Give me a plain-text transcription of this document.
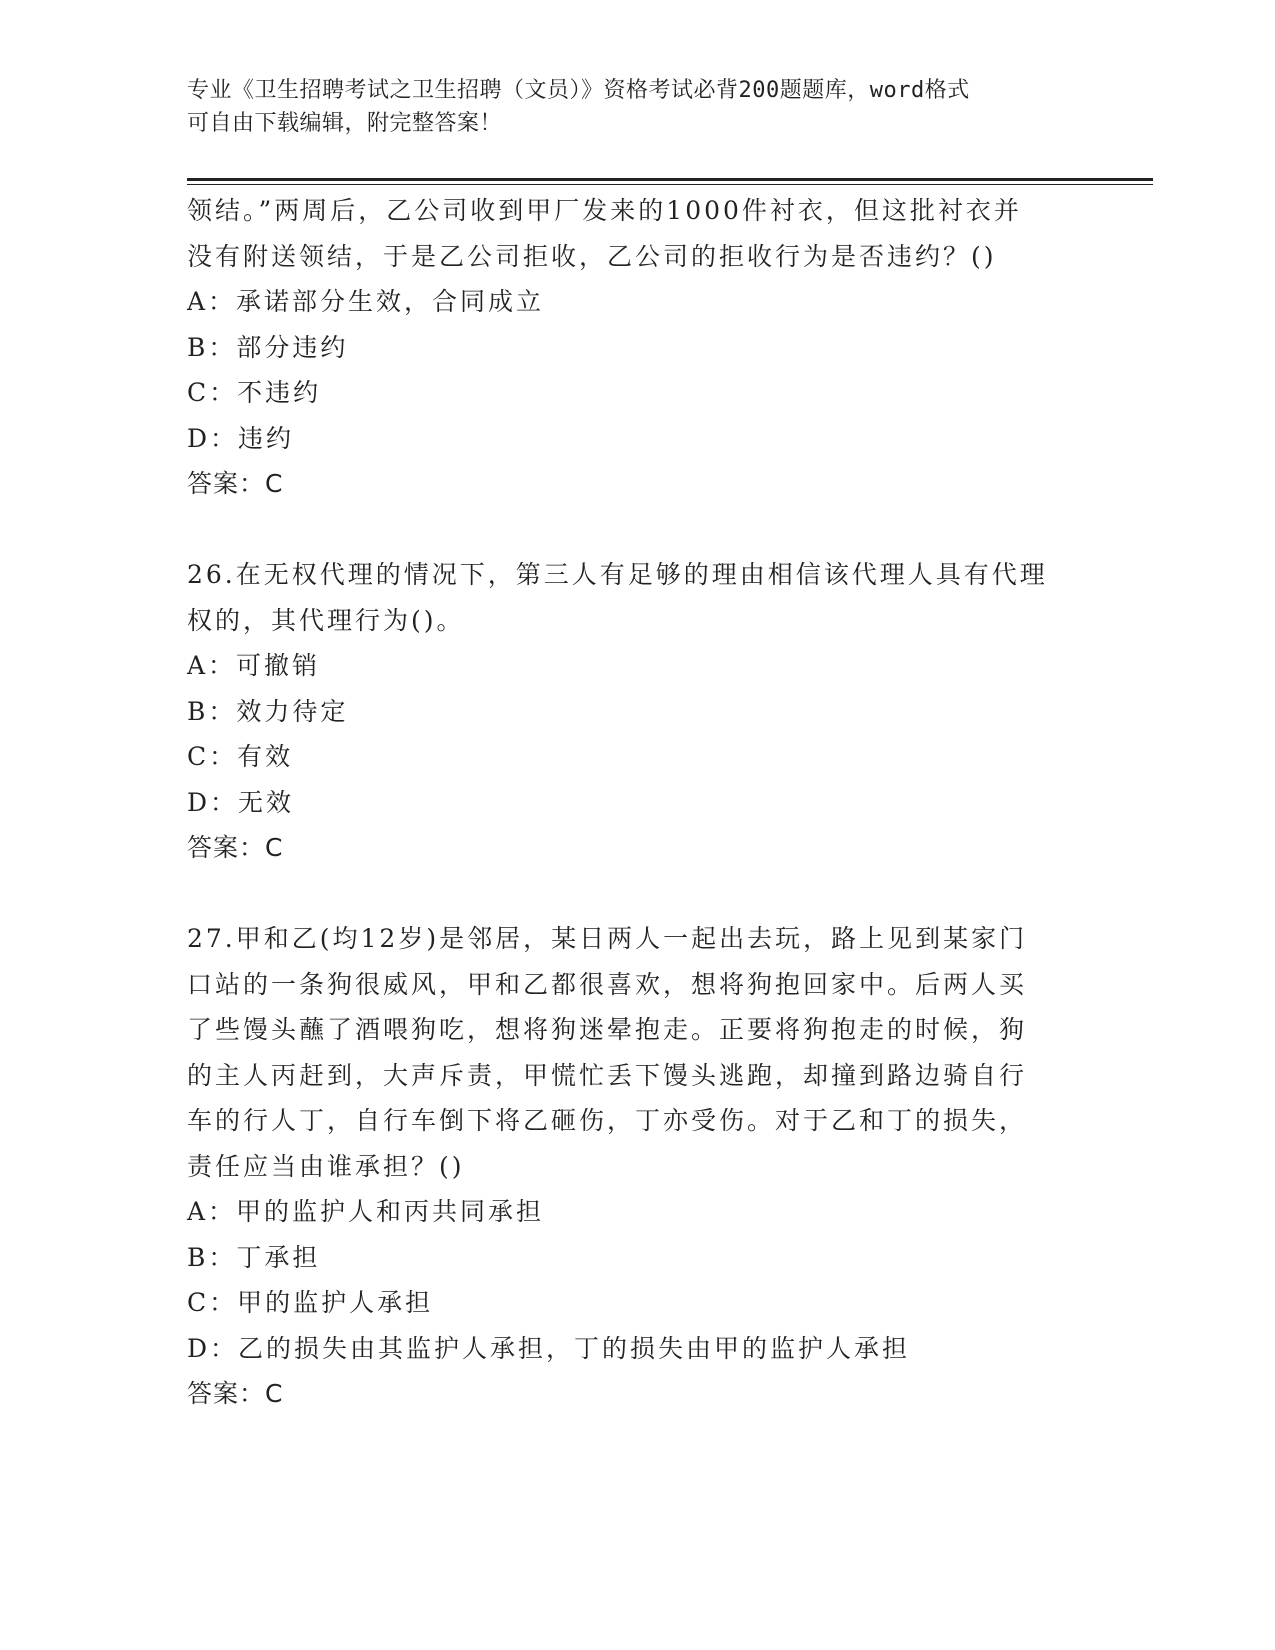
专业《卫生招聘考试之卫生招聘（文员）》资格考试必背200题题库，word格式
可自由下载编辑，附完整答案！
领结。”两周后，乙公司收到甲厂发来的1000件衬衣，但这批衬衣并
没有附送领结，于是乙公司拒收，乙公司的拒收行为是否违约？()
A：承诺部分生效，合同成立
B：部分违约
C：不违约
D：违约
答案：C
26.在无权代理的情况下，第三人有足够的理由相信该代理人具有代理
权的，其代理行为()。
A：可撤销
B：效力待定
C：有效
D：无效
答案：C
27.甲和乙(均12岁)是邻居，某日两人一起出去玩，路上见到某家门
口站的一条狗很威风，甲和乙都很喜欢，想将狗抱回家中。后两人买
了些馒头蘸了酒喂狗吃，想将狗迷晕抱走。正要将狗抱走的时候，狗
的主人丙赶到，大声斥责，甲慌忙丢下馒头逃跑，却撞到路边骑自行
车的行人丁，自行车倒下将乙砸伤，丁亦受伤。对于乙和丁的损失，
责任应当由谁承担？()
A：甲的监护人和丙共同承担
B：丁承担
C：甲的监护人承担
D：乙的损失由其监护人承担，丁的损失由甲的监护人承担
答案：C
